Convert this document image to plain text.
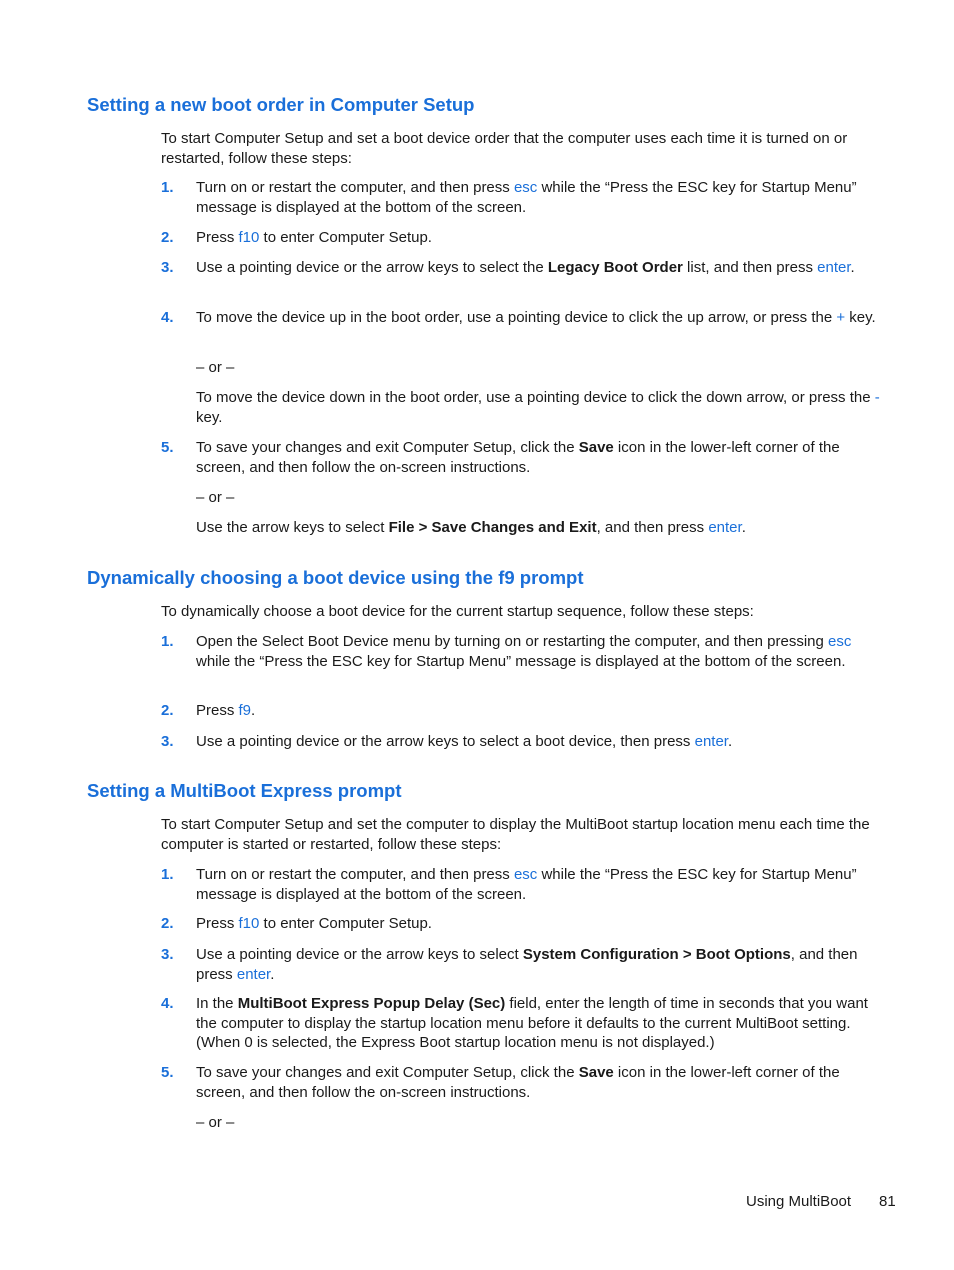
Setting a new boot order in Computer Setup

To start Computer Setup and set a boot device order that the computer uses each time it is turned on or restarted, follow these steps:

1. Turn on or restart the computer, and then press esc while the “Press the ESC key for Startup Menu” message is displayed at the bottom of the screen.
2. Press f10 to enter Computer Setup.
3. Use a pointing device or the arrow keys to select the Legacy Boot Order list, and then press enter.
4. To move the device up in the boot order, use a pointing device to click the up arrow, or press the + key.

– or –

To move the device down in the boot order, use a pointing device to click the down arrow, or press the - key.

5. To save your changes and exit Computer Setup, click the Save icon in the lower-left corner of the screen, and then follow the on-screen instructions.

– or –

Use the arrow keys to select File > Save Changes and Exit, and then press enter.

Dynamically choosing a boot device using the f9 prompt

To dynamically choose a boot device for the current startup sequence, follow these steps:

1. Open the Select Boot Device menu by turning on or restarting the computer, and then pressing esc while the “Press the ESC key for Startup Menu” message is displayed at the bottom of the screen.
2. Press f9.
3. Use a pointing device or the arrow keys to select a boot device, then press enter.
Setting a MultiBoot Express prompt

To start Computer Setup and set the computer to display the MultiBoot startup location menu each time the computer is started or restarted, follow these steps:

1. Turn on or restart the computer, and then press esc while the “Press the ESC key for Startup Menu” message is displayed at the bottom of the screen.
2. Press f10 to enter Computer Setup.
3. Use a pointing device or the arrow keys to select System Configuration > Boot Options, and then press enter.
4. In the MultiBoot Express Popup Delay (Sec) field, enter the length of time in seconds that you want the computer to display the startup location menu before it defaults to the current MultiBoot setting. (When 0 is selected, the Express Boot startup location menu is not displayed.)
5. To save your changes and exit Computer Setup, click the Save icon in the lower-left corner of the screen, and then follow the on-screen instructions.

– or –

Using MultiBoot 81
